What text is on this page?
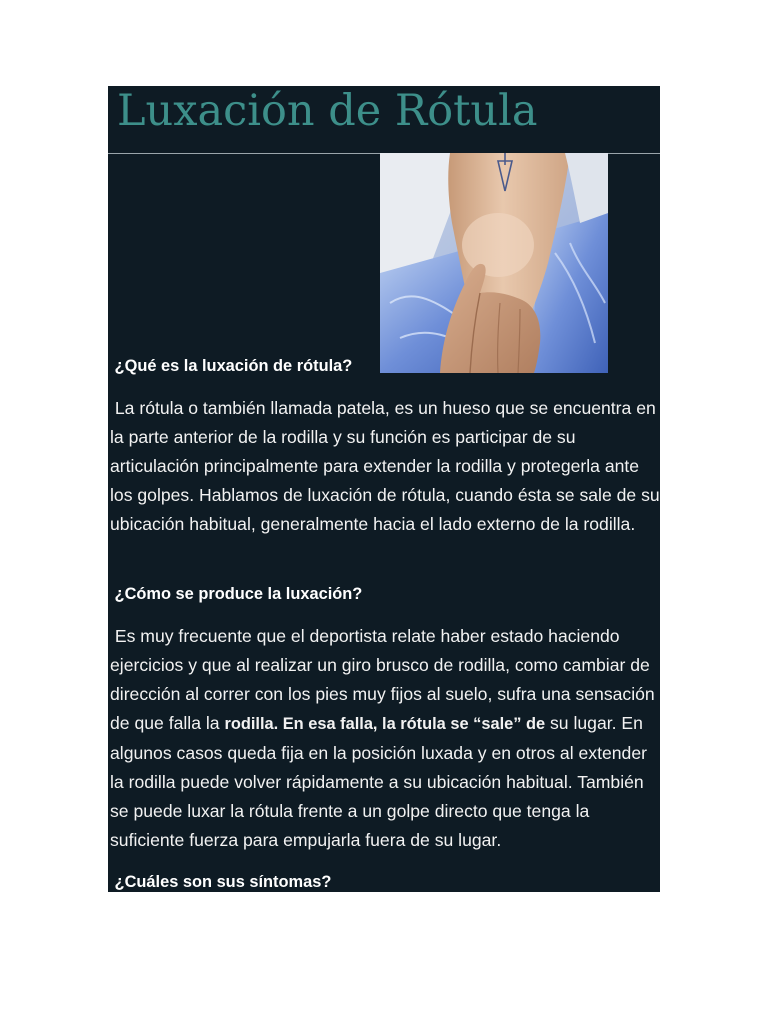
Luxación de Rótula
¿Qué es la luxación de rótula?
La rótula o también llamada patela, es un hueso que se encuentra en la parte anterior de la rodilla y su función es participar de su articulación principalmente para extender la rodilla y protegerla ante los golpes. Hablamos de luxación de rótula, cuando ésta se sale de su ubicación habitual, generalmente hacia el lado externo de la rodilla.
¿Cómo se produce la luxación?
Es muy frecuente que el deportista relate haber estado haciendo ejercicios y que al realizar un giro brusco de rodilla, como cambiar de dirección al correr con los pies muy fijos al suelo, sufra una sensación de que falla la rodilla. En esa falla, la rótula se “sale” de su lugar. En algunos casos queda fija en la posición luxada y en otros al extender la rodilla puede volver rápidamente a su ubicación habitual. También se puede luxar la rótula frente a un golpe directo que tenga la suficiente fuerza para empujarla fuera de su lugar.
¿Cuáles son sus síntomas?
